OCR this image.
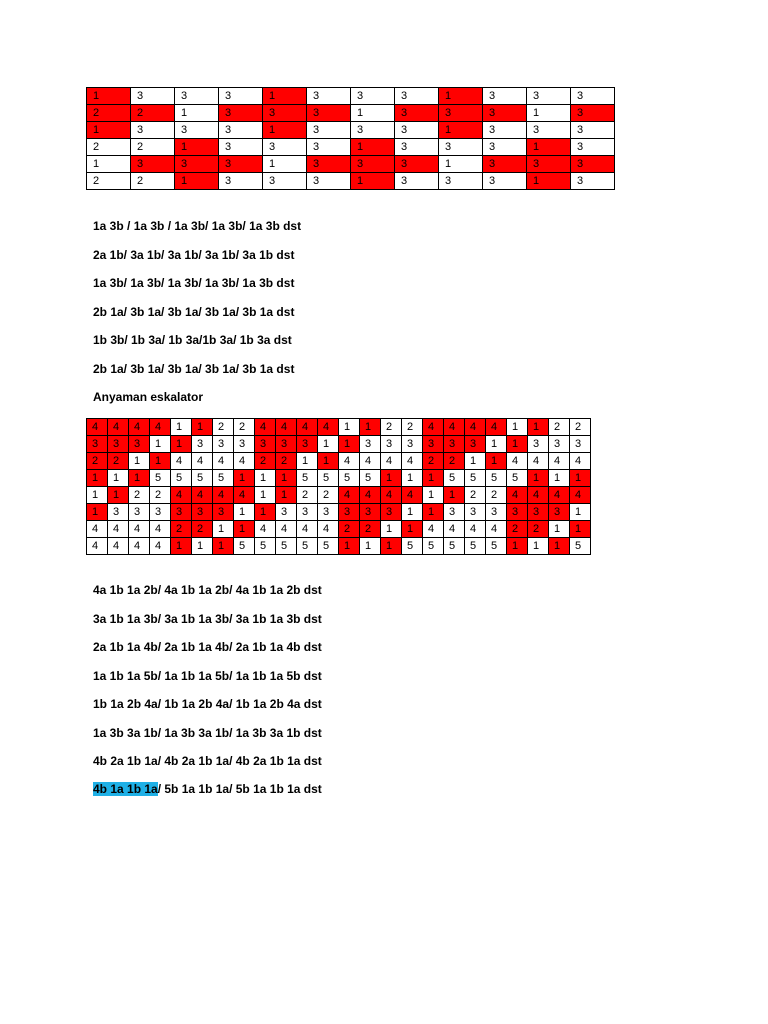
1	3	3	3	1	3	3	3	1	3	3	3
2	2	1	3	3	3	1	3	3	3	1	3
1	3	3	3	1	3	3	3	1	3	3	3
2	2	1	3	3	3	1	3	3	3	1	3
1	3	3	3	1	3	3	3	1	3	3	3
2	2	1	3	3	3	1	3	3	3	1	3

1a 3b / 1a 3b / 1a 3b/ 1a 3b/ 1a 3b dst

2a 1b/ 3a 1b/ 3a 1b/ 3a 1b/ 3a 1b dst

1a 3b/ 1a 3b/ 1a 3b/ 1a 3b/ 1a 3b dst

2b 1a/ 3b 1a/ 3b 1a/ 3b 1a/ 3b 1a dst

1b 3b/ 1b 3a/ 1b 3a/1b 3a/ 1b 3a dst

2b 1a/ 3b 1a/ 3b 1a/ 3b 1a/ 3b 1a dst

Anyaman eskalator

4	4	4	4	1	1	2	2	4	4	4	4	1	1	2	2	4	4	4	4	1	1	2	2
3	3	3	1	1	3	3	3	3	3	3	1	1	3	3	3	3	3	3	1	1	3	3	3
2	2	1	1	4	4	4	4	2	2	1	1	4	4	4	4	2	2	1	1	4	4	4	4
1	1	1	5	5	5	5	1	1	1	5	5	5	5	1	1	1	5	5	5	5	1	1	1
1	1	2	2	4	4	4	4	1	1	2	2	4	4	4	4	1	1	2	2	4	4	4	4
1	3	3	3	3	3	3	1	1	3	3	3	3	3	3	1	1	3	3	3	3	3	3	1
4	4	4	4	2	2	1	1	4	4	4	4	2	2	1	1	4	4	4	4	2	2	1	1
4	4	4	4	1	1	1	5	5	5	5	5	1	1	1	5	5	5	5	5	1	1	1	5

4a 1b 1a 2b/ 4a 1b 1a 2b/ 4a 1b 1a 2b dst

3a 1b 1a 3b/ 3a 1b 1a 3b/ 3a 1b 1a 3b dst

2a 1b 1a 4b/ 2a 1b 1a 4b/ 2a 1b 1a 4b dst

1a 1b 1a 5b/ 1a 1b 1a 5b/ 1a 1b 1a 5b dst

1b 1a 2b 4a/ 1b 1a 2b 4a/ 1b 1a 2b 4a dst

1a 3b 3a 1b/ 1a 3b 3a 1b/ 1a 3b 3a 1b dst

4b 2a 1b 1a/ 4b 2a 1b 1a/ 4b 2a 1b 1a dst

4b 1a 1b 1a/ 5b 1a 1b 1a/ 5b 1a 1b 1a dst
